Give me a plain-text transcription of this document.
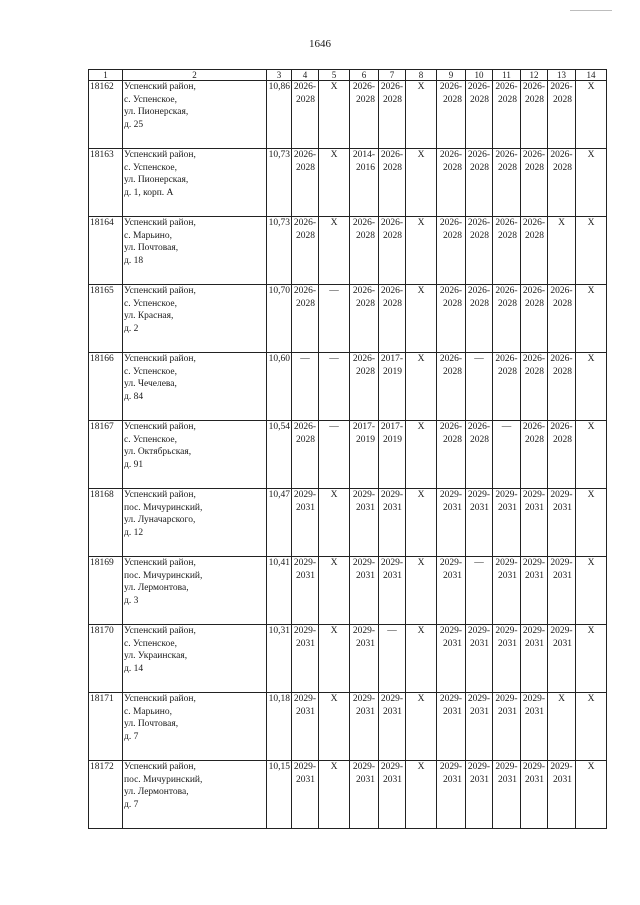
1646
1	2	3	4	5	6	7	8	9	10	11	12	13	14
18162	Успенский район,
с. Успенское,
ул. Пионерская,
д. 25	10,86	2026-
2028	X	2026-
2028	2026-
2028	X	2026-
2028	2026-
2028	2026-
2028	2026-
2028	2026-
2028	X
18163	Успенский район,
с. Успенское,
ул. Пионерская,
д. 1, корп. А	10,73	2026-
2028	X	2014-
2016	2026-
2028	X	2026-
2028	2026-
2028	2026-
2028	2026-
2028	2026-
2028	X
18164	Успенский район,
с. Марьино,
ул. Почтовая,
д. 18	10,73	2026-
2028	X	2026-
2028	2026-
2028	X	2026-
2028	2026-
2028	2026-
2028	2026-
2028	X	X
18165	Успенский район,
с. Успенское,
ул. Красная,
д. 2	10,70	2026-
2028	—	2026-
2028	2026-
2028	X	2026-
2028	2026-
2028	2026-
2028	2026-
2028	2026-
2028	X
18166	Успенский район,
с. Успенское,
ул. Чечелева,
д. 84	10,60	—	—	2026-
2028	2017-
2019	X	2026-
2028	—	2026-
2028	2026-
2028	2026-
2028	X
18167	Успенский район,
с. Успенское,
ул. Октябрьская,
д. 91	10,54	2026-
2028	—	2017-
2019	2017-
2019	X	2026-
2028	2026-
2028	—	2026-
2028	2026-
2028	X
18168	Успенский район,
пос. Мичуринский,
ул. Луначарского,
д. 12	10,47	2029-
2031	X	2029-
2031	2029-
2031	X	2029-
2031	2029-
2031	2029-
2031	2029-
2031	2029-
2031	X
18169	Успенский район,
пос. Мичуринский,
ул. Лермонтова,
д. 3	10,41	2029-
2031	X	2029-
2031	2029-
2031	X	2029-
2031	—	2029-
2031	2029-
2031	2029-
2031	X
18170	Успенский район,
с. Успенское,
ул. Украинская,
д. 14	10,31	2029-
2031	X	2029-
2031	—	X	2029-
2031	2029-
2031	2029-
2031	2029-
2031	2029-
2031	X
18171	Успенский район,
с. Марьино,
ул. Почтовая,
д. 7	10,18	2029-
2031	X	2029-
2031	2029-
2031	X	2029-
2031	2029-
2031	2029-
2031	2029-
2031	X	X
18172	Успенский район,
пос. Мичуринский,
ул. Лермонтова,
д. 7	10,15	2029-
2031	X	2029-
2031	2029-
2031	X	2029-
2031	2029-
2031	2029-
2031	2029-
2031	2029-
2031	X
